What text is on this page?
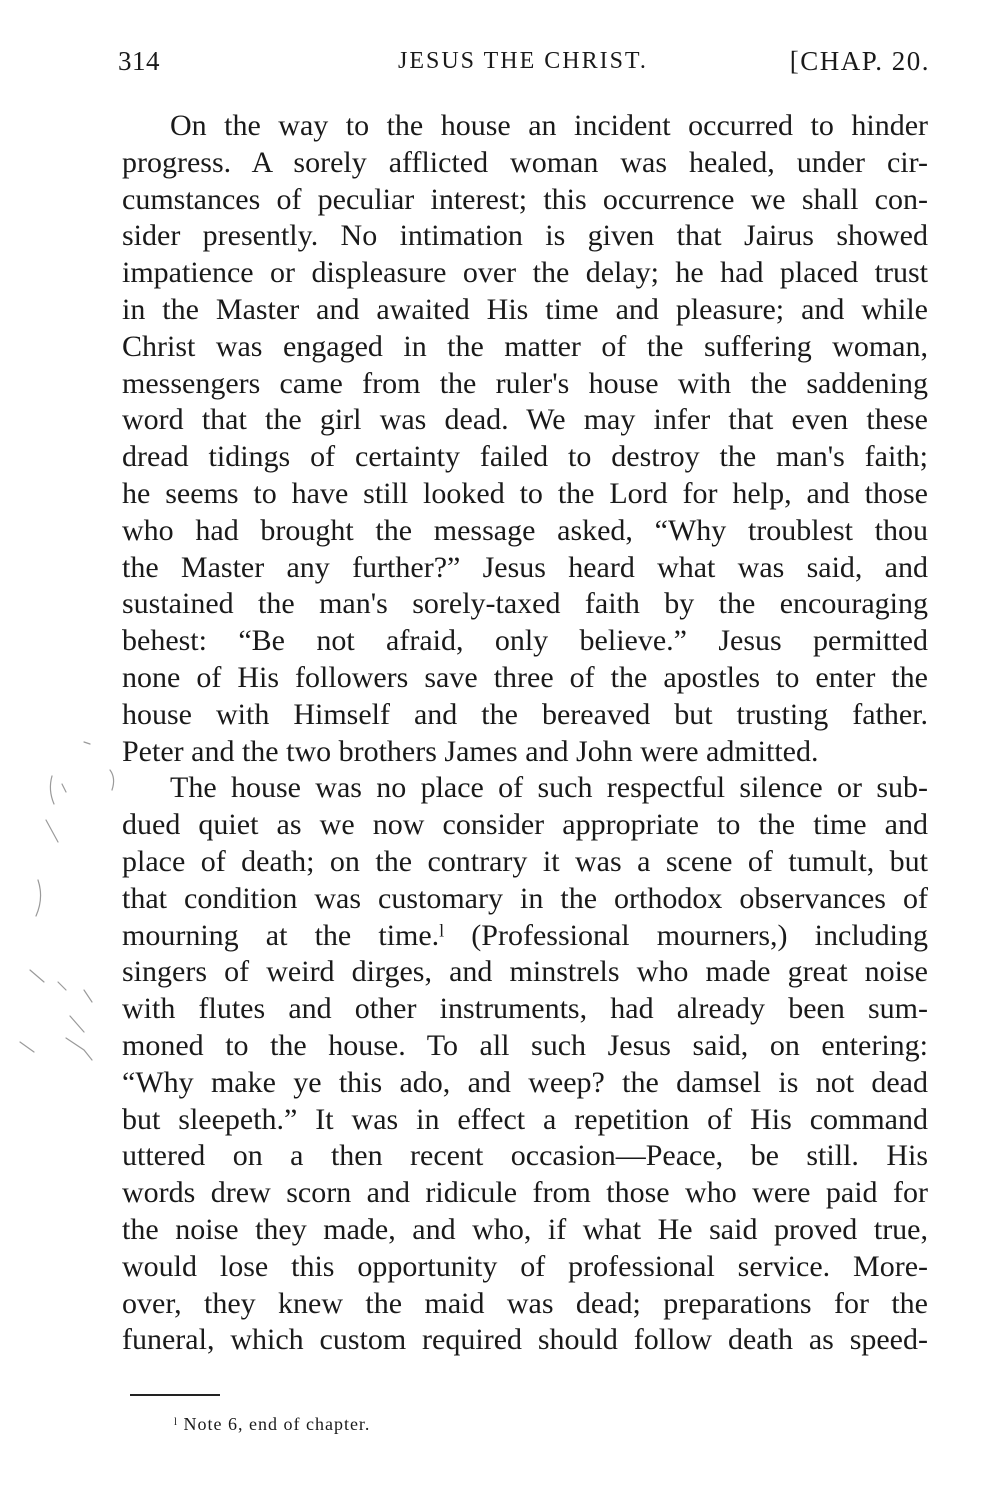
314	JESUS THE CHRIST.	[CHAP. 20.
On the way to the house an incident occurred to hinder
progress. A sorely afflicted woman was healed, under cir-
cumstances of peculiar interest; this occurrence we shall con-
sider presently. No intimation is given that Jairus showed
impatience or displeasure over the delay; he had placed trust
in the Master and awaited His time and pleasure; and while
Christ was engaged in the matter of the suffering woman,
messengers came from the ruler's house with the saddening
word that the girl was dead. We may infer that even these
dread tidings of certainty failed to destroy the man's faith;
he seems to have still looked to the Lord for help, and those
who had brought the message asked, “Why troublest thou
the Master any further?” Jesus heard what was said, and
sustained the man's sorely-taxed faith by the encouraging
behest: “Be not afraid, only believe.” Jesus permitted
none of His followers save three of the apostles to enter the
house with Himself and the bereaved but trusting father.
Peter and the two brothers James and John were admitted.
The house was no place of such respectful silence or sub-
dued quiet as we now consider appropriate to the time and
place of death; on the contrary it was a scene of tumult, but
that condition was customary in the orthodox observances of
mourning at the time.ˡ (Professional mourners,) including
singers of weird dirges, and minstrels who made great noise
with flutes and other instruments, had already been sum-
moned to the house. To all such Jesus said, on entering:
“Why make ye this ado, and weep? the damsel is not dead
but sleepeth.” It was in effect a repetition of His command
uttered on a then recent occasion—Peace, be still. His
words drew scorn and ridicule from those who were paid for
the noise they made, and who, if what He said proved true,
would lose this opportunity of professional service. More-
over, they knew the maid was dead; preparations for the
funeral, which custom required should follow death as speed-
ˡ Note 6, end of chapter.
